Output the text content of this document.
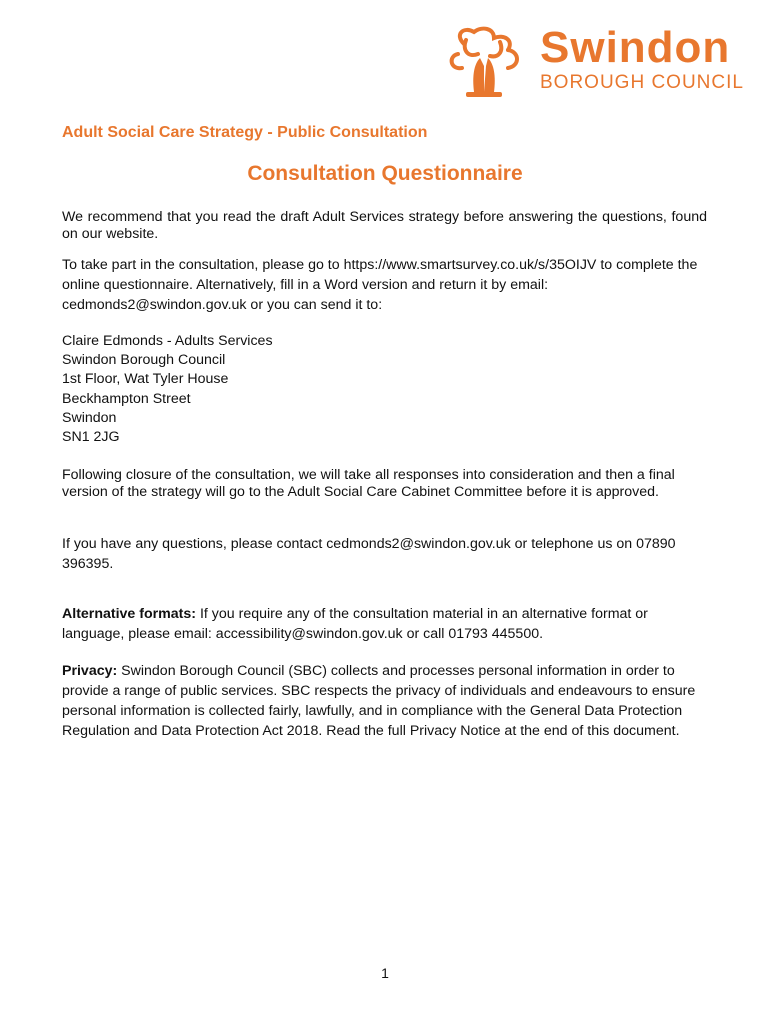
Swindon
BOROUGH COUNCIL
Adult Social Care Strategy - Public Consultation
Consultation Questionnaire
We recommend that you read the draft Adult Services strategy before answering the questions, found on our website.
To take part in the consultation, please go to https://www.smartsurvey.co.uk/s/35OIJV to complete the online questionnaire. Alternatively, fill in a Word version and return it by email: cedmonds2@swindon.gov.uk or you can send it to:
Claire Edmonds - Adults Services
Swindon Borough Council
1st Floor, Wat Tyler House
Beckhampton Street
Swindon
SN1 2JG
Following closure of the consultation, we will take all responses into consideration and then a final version of the strategy will go to the Adult Social Care Cabinet Committee before it is approved.
If you have any questions, please contact cedmonds2@swindon.gov.uk or telephone us on 07890 396395.
Alternative formats: If you require any of the consultation material in an alternative format or language, please email: accessibility@swindon.gov.uk or call 01793 445500.
Privacy: Swindon Borough Council (SBC) collects and processes personal information in order to provide a range of public services. SBC respects the privacy of individuals and endeavours to ensure personal information is collected fairly, lawfully, and in compliance with the General Data Protection Regulation and Data Protection Act 2018. Read the full Privacy Notice at the end of this document.
1
